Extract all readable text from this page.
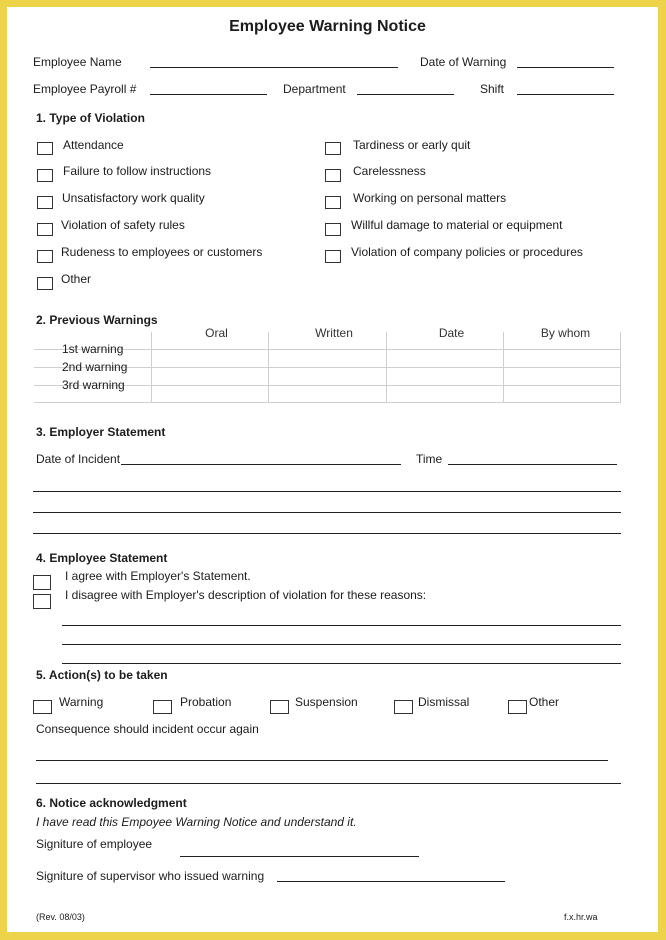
Employee Warning Notice
Employee Name	Date of Warning
Employee Payroll #	Department	Shift
1. Type of Violation
Attendance
Failure to follow instructions
Unsatisfactory work quality
Violation of safety rules
Rudeness to employees or customers
Other
Tardiness or early quit
Carelessness
Working on personal matters
Willful damage to material or equipment
Violation of company policies or procedures
2. Previous Warnings
Oral	Written	Date	By whom
1st warning
2nd warning
3rd warning
3. Employer Statement
Date of Incident	Time
4. Employee Statement
I agree with Employer's Statement.
I disagree with Employer's description of violation for these reasons:
5. Action(s) to be taken
Warning	Probation	Suspension	Dismissal	Other
Consequence should incident occur again
6. Notice acknowledgment
I have read this Empoyee Warning Notice and understand it.
Signiture of employee
Signiture of supervisor who issued warning
(Rev. 08/03)	f.x.hr.wa
